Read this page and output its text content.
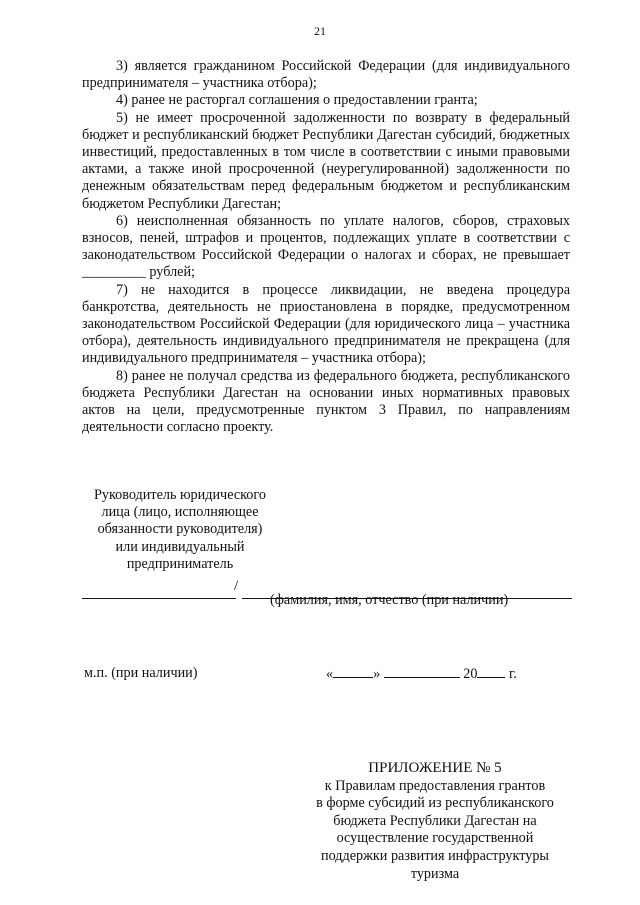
21

3) является гражданином Российской Федерации (для индивидуального предпринимателя – участника отбора);

4) ранее не расторгал соглашения о предоставлении гранта;

5) не имеет просроченной задолженности по возврату в федеральный бюджет и республиканский бюджет Республики Дагестан субсидий, бюджетных инвестиций, предоставленных в том числе в соответствии с иными правовыми актами, а также иной просроченной (неурегулированной) задолженности по денежным обязательствам перед федеральным бюджетом и республиканским бюджетом Республики Дагестан;

6) неисполненная обязанность по уплате налогов, сборов, страховых взносов, пеней, штрафов и процентов, подлежащих уплате в соответствии с законодательством Российской Федерации о налогах и сборах, не превышает _________ рублей;

7) не находится в процессе ликвидации, не введена процедура банкротства, деятельность не приостановлена в порядке, предусмотренном законодательством Российской Федерации (для юридического лица – участника отбора), деятельность индивидуального предпринимателя не прекращена (для индивидуального предпринимателя – участника отбора);

8) ранее не получал средства из федерального бюджета, республиканского бюджета Республики Дагестан на основании иных нормативных правовых актов на цели, предусмотренные пунктом 3 Правил, по направлениям деятельности согласно проекту.

Руководитель юридического
лица (лицо, исполняющее
обязанности руководителя)
или индивидуальный
предприниматель
/
(фамилия, имя, отчество (при наличии)
м.п. (при наличии)	«	»	20 г.
ПРИЛОЖЕНИЕ № 5
к Правилам предоставления грантов
в форме субсидий из республиканского
бюджета Республики Дагестан на
осуществление государственной
поддержки развития инфраструктуры
туризма
